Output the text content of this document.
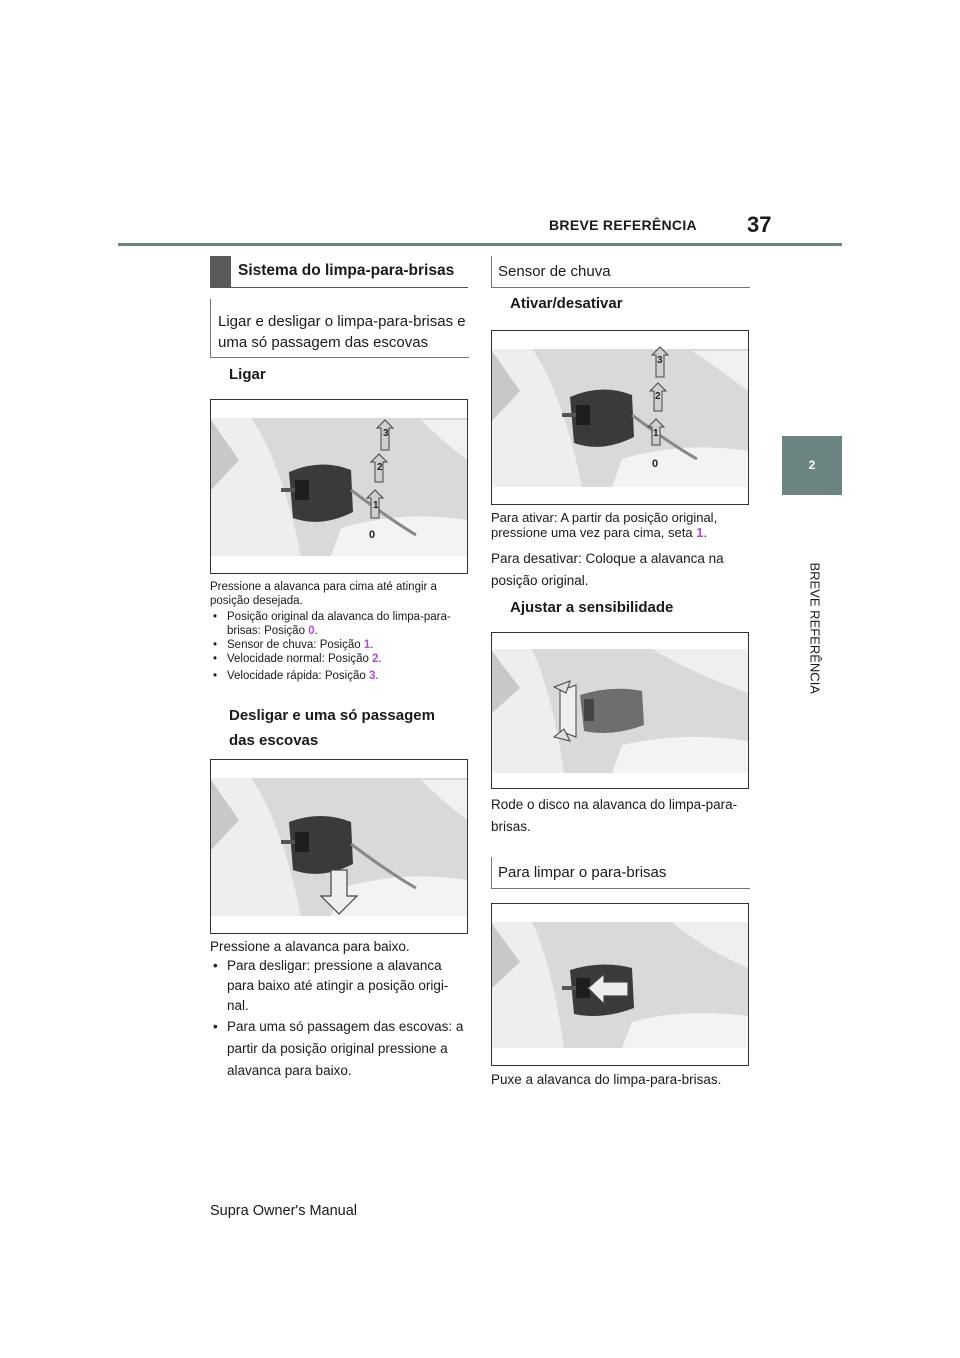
BREVE REFERÊNCIA 37
2
BREVE REFERÊNCIA
Sistema do limpa-para-brisas
Ligar e desligar o limpa-para-brisas e uma só passagem das escovas
Ligar
3
2
1
0
Pressione a alavanca para cima até atingir a posição desejada.
• Posição original da alavanca do limpa-para-brisas: Posição 0.
• Sensor de chuva: Posição 1.
• Velocidade normal: Posição 2.
• Velocidade rápida: Posição 3.
Desligar e uma só passagem
das escovas
Pressione a alavanca para baixo.
• Para desligar: pressione a alavanca para baixo até atingir a posição origi-nal.
• Para uma só passagem das escovas: a partir da posição original pressione a alavanca para baixo.
Sensor de chuva
Ativar/desativar
3
2
1
0
Para ativar: A partir da posição original, pressione uma vez para cima, seta 1.
Para desativar: Coloque a alavanca na posição original.
Ajustar a sensibilidade
Rode o disco na alavanca do limpa-para-brisas.
Para limpar o para-brisas
Puxe a alavanca do limpa-para-brisas.
Supra Owner's Manual
